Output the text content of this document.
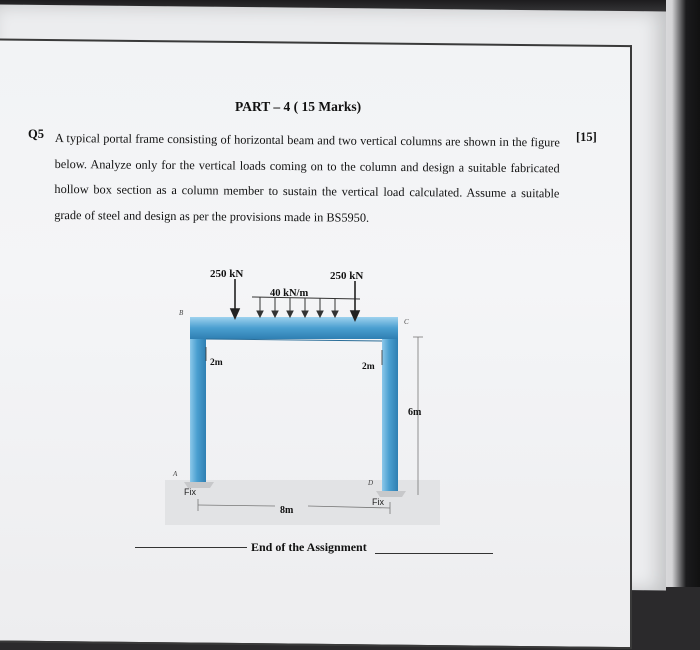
PART – 4 ( 15 Marks)
Q5	[15]
A typical portal frame consisting of horizontal beam and two vertical columns are shown in the figure below. Analyze only for the vertical loads coming on to the column and design a suitable fabricated hollow box section as a column member to sustain the vertical load calculated. Assume a suitable grade of steel and design as per the provisions made in BS5950.
250 kN	250 kN
40 kN/m
2m	2m
6m
8m
Fix
Fix
A
B
C
D
End of the Assignment
